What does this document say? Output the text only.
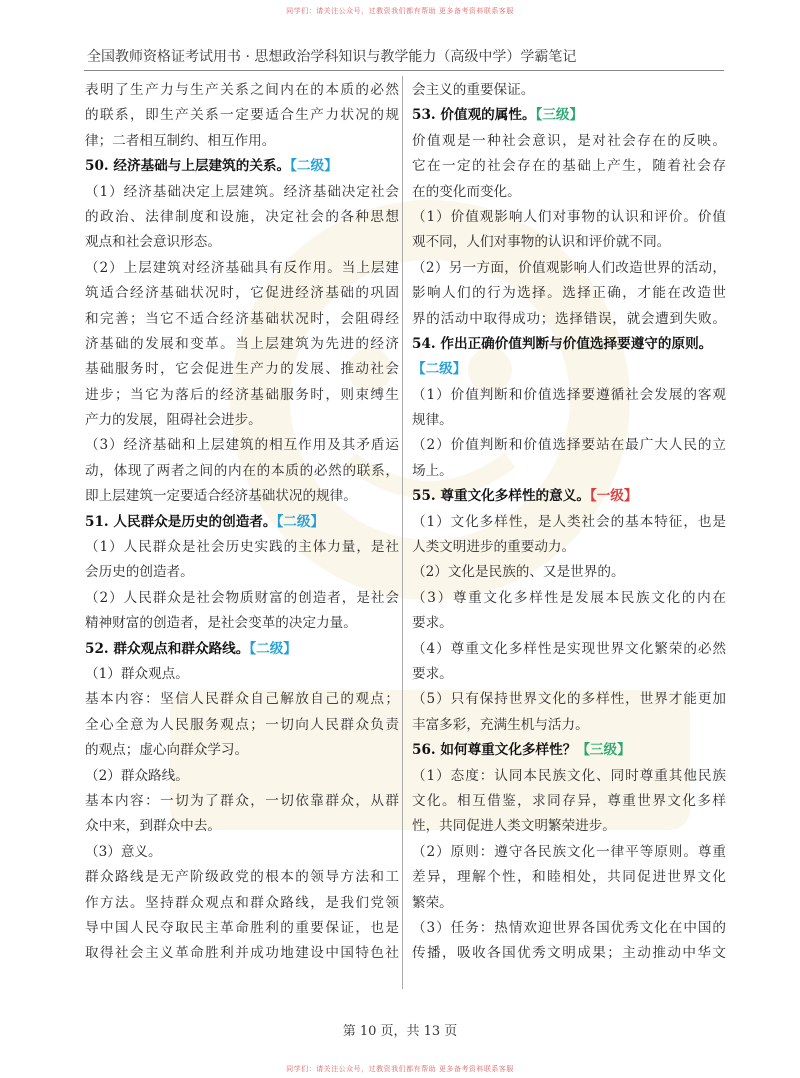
同学们：请关注公众号，过教资我们都有帮助 更多备考资料联系客服
全国教师资格证考试用书 · 思想政治学科知识与教学能力（高级中学）学霸笔记
表明了生产力与生产关系之间内在的本质的必然
的联系，即生产关系一定要适合生产力状况的规
律；二者相互制约、相互作用。
50. 经济基础与上层建筑的关系。【二级】
（1）经济基础决定上层建筑。经济基础决定社会
的政治、法律制度和设施，决定社会的各种思想
观点和社会意识形态。
（2）上层建筑对经济基础具有反作用。当上层建
筑适合经济基础状况时，它促进经济基础的巩固
和完善；当它不适合经济基础状况时，会阻碍经
济基础的发展和变革。当上层建筑为先进的经济
基础服务时，它会促进生产力的发展、推动社会
进步；当它为落后的经济基础服务时，则束缚生
产力的发展，阻碍社会进步。
（3）经济基础和上层建筑的相互作用及其矛盾运
动，体现了两者之间的内在的本质的必然的联系，
即上层建筑一定要适合经济基础状况的规律。
51. 人民群众是历史的创造者。【二级】
（1）人民群众是社会历史实践的主体力量，是社
会历史的创造者。
（2）人民群众是社会物质财富的创造者，是社会
精神财富的创造者，是社会变革的决定力量。
52. 群众观点和群众路线。【二级】
（1）群众观点。
基本内容：坚信人民群众自己解放自己的观点；
全心全意为人民服务观点；一切向人民群众负责
的观点；虚心向群众学习。
（2）群众路线。
基本内容：一切为了群众，一切依靠群众，从群
众中来，到群众中去。
（3）意义。
群众路线是无产阶级政党的根本的领导方法和工
作方法。坚持群众观点和群众路线，是我们党领
导中国人民夺取民主革命胜利的重要保证，也是
取得社会主义革命胜利并成功地建设中国特色社
会主义的重要保证。
53. 价值观的属性。【三级】
价值观是一种社会意识，是对社会存在的反映。
它在一定的社会存在的基础上产生，随着社会存
在的变化而变化。
（1）价值观影响人们对事物的认识和评价。价值
观不同，人们对事物的认识和评价就不同。
（2）另一方面，价值观影响人们改造世界的活动，
影响人们的行为选择。选择正确，才能在改造世
界的活动中取得成功；选择错误，就会遭到失败。
54. 作出正确价值判断与价值选择要遵守的原则。
【二级】
（1）价值判断和价值选择要遵循社会发展的客观
规律。
（2）价值判断和价值选择要站在最广大人民的立
场上。
55. 尊重文化多样性的意义。【一级】
（1）文化多样性，是人类社会的基本特征，也是
人类文明进步的重要动力。
（2）文化是民族的、又是世界的。
（3）尊重文化多样性是发展本民族文化的内在
要求。
（4）尊重文化多样性是实现世界文化繁荣的必然
要求。
（5）只有保持世界文化的多样性，世界才能更加
丰富多彩，充满生机与活力。
56. 如何尊重文化多样性？【三级】
（1）态度：认同本民族文化、同时尊重其他民族
文化。相互借鉴，求同存异，尊重世界文化多样
性，共同促进人类文明繁荣进步。
（2）原则：遵守各民族文化一律平等原则。尊重
差异，理解个性，和睦相处，共同促进世界文化
繁荣。
（3）任务：热情欢迎世界各国优秀文化在中国的
传播，吸收各国优秀文明成果；主动推动中华文
第 10 页，共 13 页
同学们：请关注公众号，过教资我们都有帮助 更多备考资料联系客服
